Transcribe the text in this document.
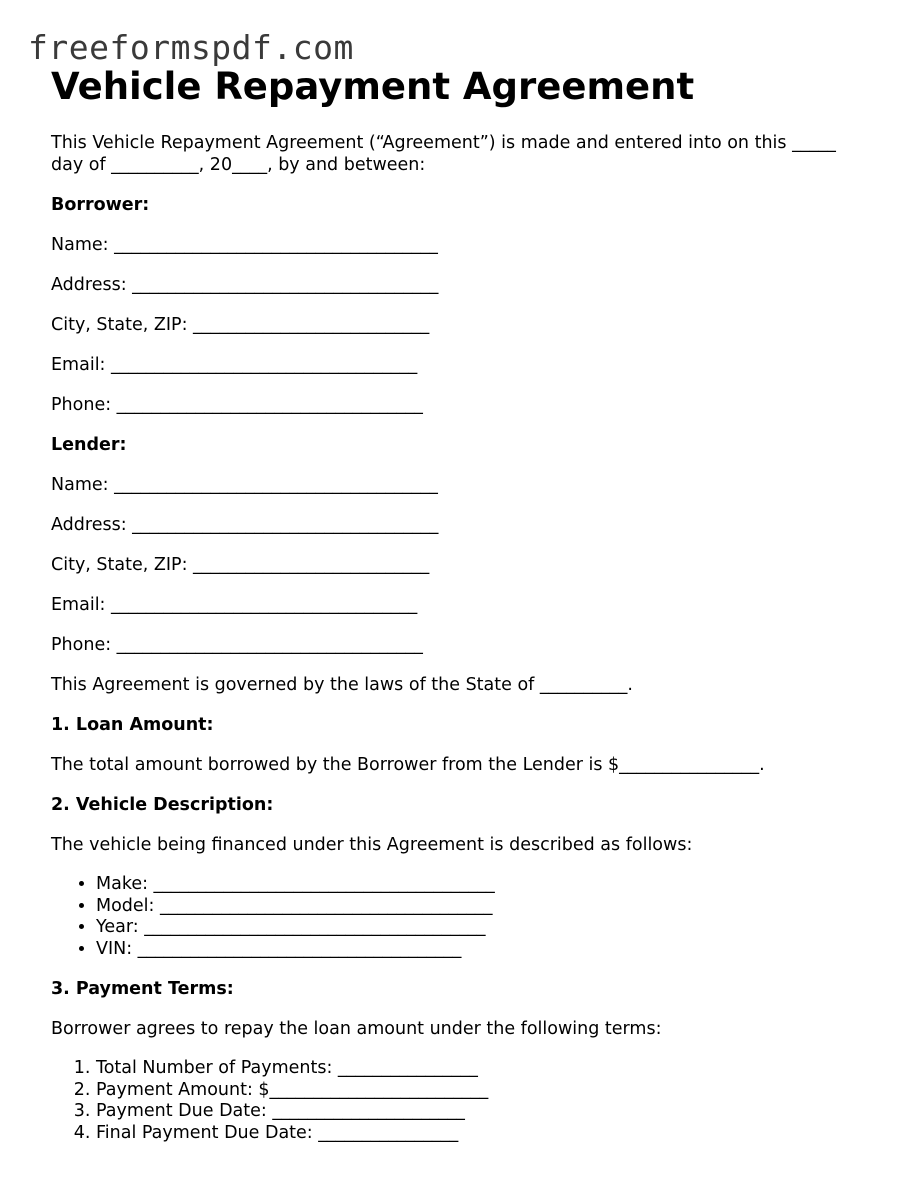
freeformspdf.com
Vehicle Repayment Agreement

This Vehicle Repayment Agreement (“Agreement”) is made and entered into on this _____ day of __________, 20____, by and between:

Borrower:

Name: _____________________________________

Address: ___________________________________

City, State, ZIP: ___________________________

Email: ___________________________________

Phone: ___________________________________

Lender:

Name: _____________________________________

Address: ___________________________________

City, State, ZIP: ___________________________

Email: ___________________________________

Phone: ___________________________________

This Agreement is governed by the laws of the State of __________.

1. Loan Amount:

The total amount borrowed by the Borrower from the Lender is $________________.

2. Vehicle Description:

The vehicle being financed under this Agreement is described as follows:

• Make: _______________________________________
• Model: ______________________________________
• Year: _______________________________________
• VIN: _____________________________________

3. Payment Terms:

Borrower agrees to repay the loan amount under the following terms:

1. Total Number of Payments: ________________
2. Payment Amount: $_________________________
3. Payment Due Date: ______________________
4. Final Payment Due Date: ________________
